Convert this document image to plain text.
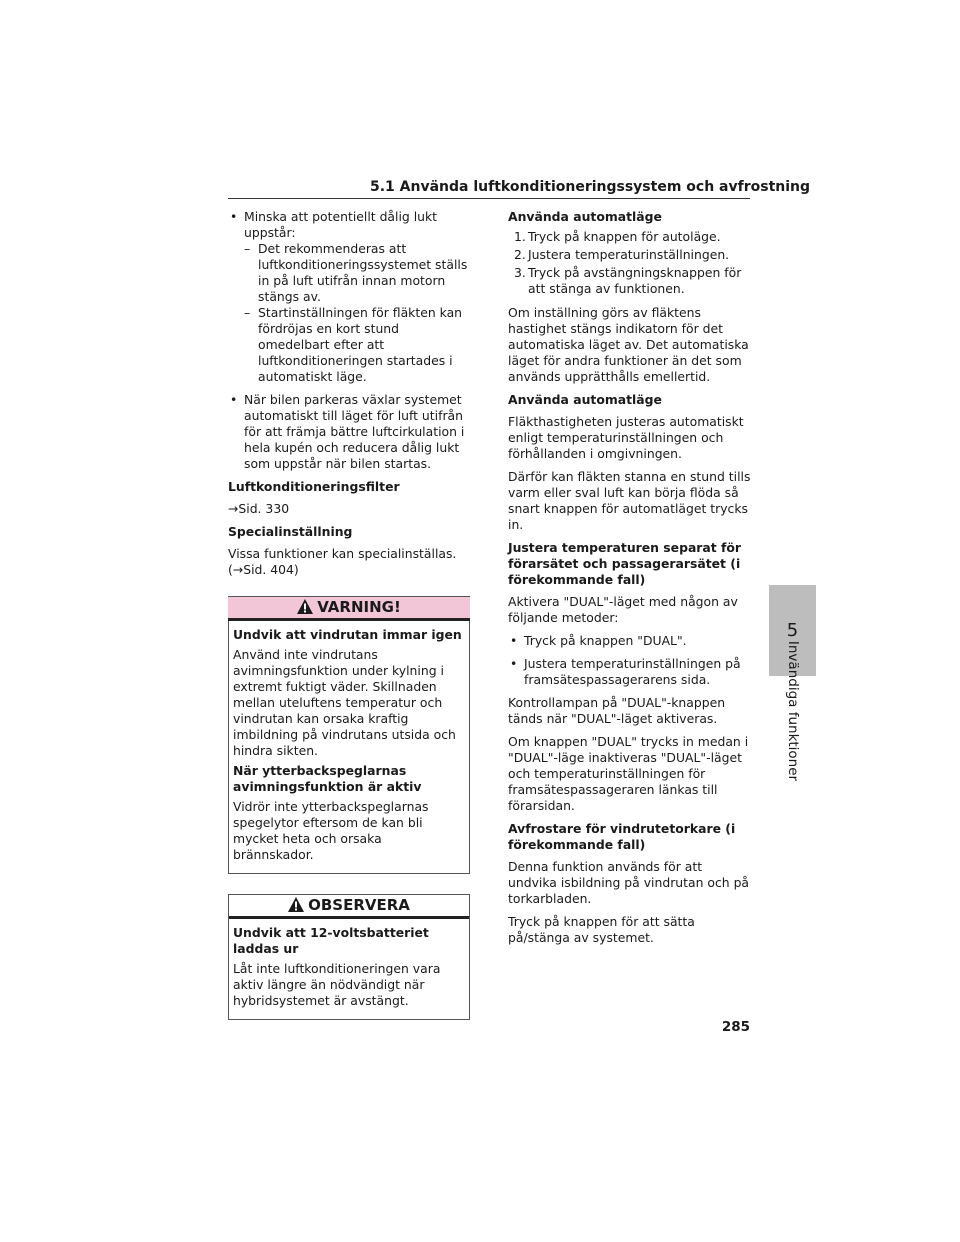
5.1 Använda luftkonditioneringssystem och avfrostning
• Minska att potentiellt dålig lukt uppstår:
– Det rekommenderas att luftkonditioneringssystemet ställs in på luft utifrån innan motorn stängs av.
– Startinställningen för fläkten kan fördröjas en kort stund omedelbart efter att luftkonditioneringen startades i automatiskt läge.
• När bilen parkeras växlar systemet automatiskt till läget för luft utifrån för att främja bättre luftcirkulation i hela kupén och reducera dålig lukt som uppstår när bilen startas.

Luftkonditioneringsfilter

→Sid. 330

Specialinställning

Vissa funktioner kan specialinställas. (→Sid. 404)

VARNING!

Undvik att vindrutan immar igen

Använd inte vindrutans avimningsfunktion under kylning i extremt fuktigt väder. Skillnaden mellan uteluftens temperatur och vindrutan kan orsaka kraftig imbildning på vindrutans utsida och hindra sikten.

När ytterbackspeglarnas avimningsfunktion är aktiv

Vidrör inte ytterbackspeglarnas spegelytor eftersom de kan bli mycket heta och orsaka brännskador.

OBSERVERA

Undvik att 12-voltsbatteriet laddas ur

Låt inte luftkonditioneringen vara aktiv längre än nödvändigt när hybridsystemet är avstängt.

Använda automatläge

1. Tryck på knappen för autoläge.
2. Justera temperaturinställningen.
3. Tryck på avstängningsknappen för att stänga av funktionen.

Om inställning görs av fläktens hastighet stängs indikatorn för det automatiska läget av. Det automatiska läget för andra funktioner än det som används upprätthålls emellertid.

Använda automatläge

Fläkthastigheten justeras automatiskt enligt temperaturinställningen och förhållanden i omgivningen.

Därför kan fläkten stanna en stund tills varm eller sval luft kan börja flöda så snart knappen för automatläget trycks in.

Justera temperaturen separat för förarsätet och passagerarsätet (i förekommande fall)

Aktivera "DUAL"-läget med någon av följande metoder:

• Tryck på knappen "DUAL".
• Justera temperaturinställningen på framsätespassagerarens sida.

Kontrollampan på "DUAL"-knappen tänds när "DUAL"-läget aktiveras.

Om knappen "DUAL" trycks in medan i "DUAL"-läge inaktiveras "DUAL"-läget och temperaturinställningen för framsätespassageraren länkas till förarsidan.

Avfrostare för vindrutetorkare (i förekommande fall)

Denna funktion används för att undvika isbildning på vindrutan och på torkarbladen.

Tryck på knappen för att sätta på/stänga av systemet.

5
Invändiga funktioner
285
